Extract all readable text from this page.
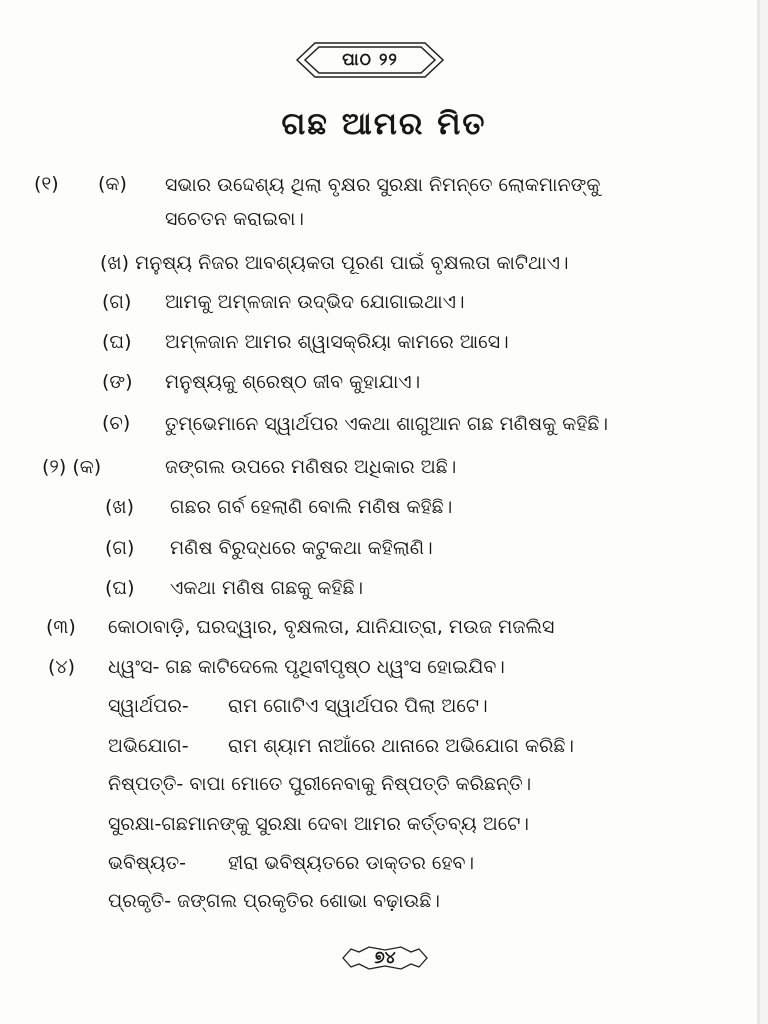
ପାଠ ୨୨
ଗଛ ଆମର ମିତ
(୧) (କ) ସଭାର ଉଦ୍ଦେଶ୍ୟ ଥିଲା ବୃକ୍ଷର ସୁରକ୍ଷା ନିମନ୍ତେ ଲୋକମାନଙ୍କୁ
ସଚେତନ କରାଇବା।
(ଖ) ମନୁଷ୍ୟ ନିଜର ଆବଶ୍ୟକତା ପୂରଣ ପାଇଁ ବୃକ୍ଷଲତା କାଟିଥାଏ।
(ଗ) ଆମକୁ ଅମ୍ଳଜାନ ଉଦ୍ଭିଦ ଯୋଗାଇଥାଏ।
(ଘ) ଅମ୍ଳଜାନ ଆମର ଶ୍ୱାସକ୍ରିୟା କାମରେ ଆସେ।
(ଙ) ମନୁଷ୍ୟକୁ ଶ୍ରେଷ୍ଠ ଜୀବ କୁହାଯାଏ।
(ଚ) ତୁମ୍ଭେମାନେ ସ୍ୱାର୍ଥପର ଏକଥା ଶାଗୁଆନ ଗଛ ମଣିଷକୁ କହିଛି।
(୨) (କ)	ଜଙ୍ଗଲ ଉପରେ ମଣିଷର ଅଧିକାର ଅଛି।
(ଖ) ଗଛର ଗର୍ବ ହେଲାଣି ବୋଲି ମଣିଷ କହିଛି।
(ଗ) ମଣିଷ ବିରୁଦ୍ଧରେ କଟୁକଥା କହିଲାଣି।
(ଘ) ଏକଥା ମଣିଷ ଗଛକୁ କହିଛି।
(୩) କୋଠାବାଡ଼ି, ଘରଦ୍ୱାର, ବୃକ୍ଷଲତା, ଯାନିଯାତ୍ରା, ମଉଜ ମଜଲିସ
(୪) ଧ୍ୱଂସ- ଗଛ କାଟିଦେଲେ ପୃଥିବୀପୃଷ୍ଠ ଧ୍ୱଂସ ହୋଇଯିବ।
ସ୍ୱାର୍ଥପର- ରାମ ଗୋଟିଏ ସ୍ୱାର୍ଥପର ପିଲା ଅଟେ।
ଅଭିଯୋଗ- ରାମ ଶ୍ୟାମ ନାଆଁରେ ଥାନାରେ ଅଭିଯୋଗ କରିଛି।
ନିଷ୍ପତ୍ତି- ବାପା ମୋତେ ପୁରୀନେବାକୁ ନିଷ୍ପତ୍ତି କରିଛନ୍ତି।
ସୁରକ୍ଷା-ଗଛମାନଙ୍କୁ ସୁରକ୍ଷା ଦେବା ଆମର କର୍ତ୍ତବ୍ୟ ଅଟେ।
ଭବିଷ୍ୟତ- ହୀରା ଭବିଷ୍ୟତରେ ଡାକ୍ତର ହେବ।
ପ୍ରକୃତି- ଜଙ୍ଗଲ ପ୍ରକୃତିର ଶୋଭା ବଢ଼ାଉଛି।
୭୪
